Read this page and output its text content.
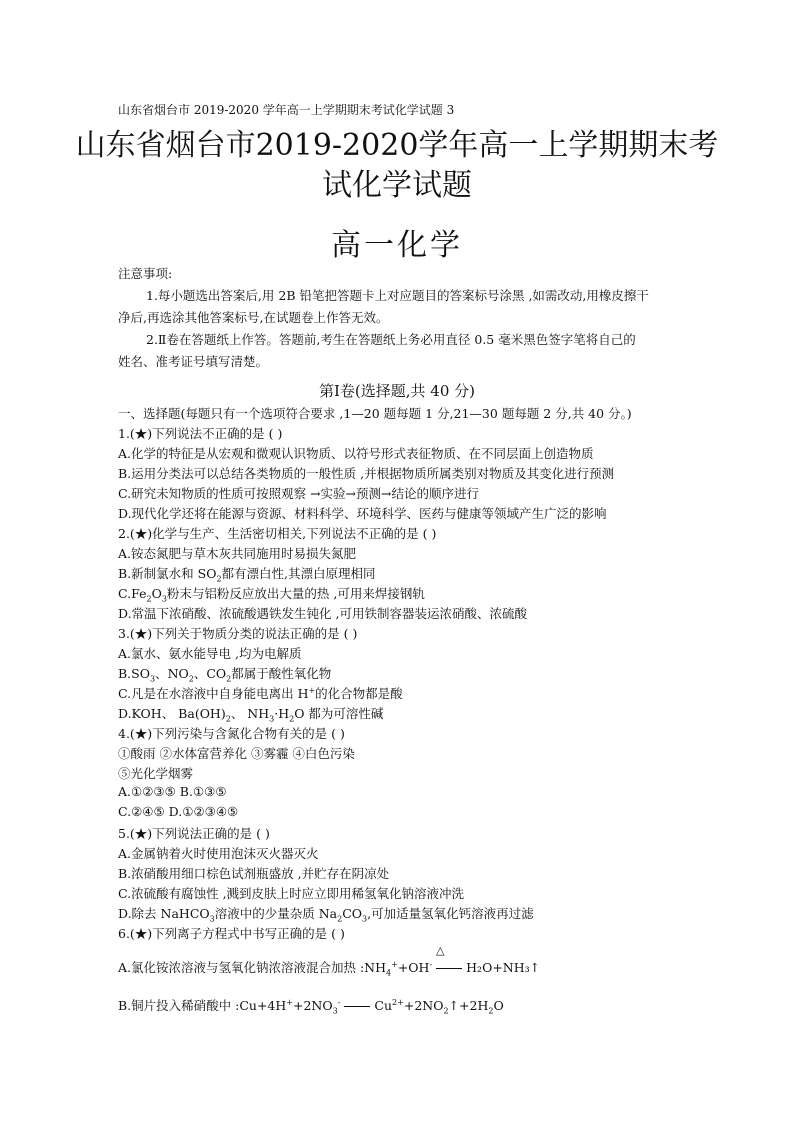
山东省烟台市 2019-2020 学年高一上学期期末考试化学试题 3
山东省烟台市2019-2020学年高一上学期期末考
试化学试题
高一化学
注意事项:
1.每小题选出答案后,用 2B 铅笔把答题卡上对应题目的答案标号涂黑 ,如需改动,用橡皮擦干
净后,再选涂其他答案标号,在试题卷上作答无效。
2.Ⅱ卷在答题纸上作答。答题前,考生在答题纸上务必用直径 0.5 毫米黑色签字笔将自己的
姓名、准考证号填写清楚。
第Ⅰ卷(选择题,共 40 分)
一、选择题(每题只有一个选项符合要求 ,1—20 题每题 1 分,21—30 题每题 2 分,共 40 分。)
1.(★)下列说法不正确的是 ( )
A.化学的特征是从宏观和微观认识物质、以符号形式表征物质、在不同层面上创造物质
B.运用分类法可以总结各类物质的一般性质 ,并根据物质所属类别对物质及其变化进行预测
C.研究未知物质的性质可按照观察 →实验→预测→结论的顺序进行
D.现代化学还将在能源与资源、材料科学、环境科学、医药与健康等领域产生广泛的影响
2.(★)化学与生产、生活密切相关,下列说法不正确的是 ( )
A.铵态氮肥与草木灰共同施用时易损失氮肥
B.新制氯水和 $SO_2$都有漂白性,其漂白原理相同
$C.Fe_2O_3$粉末与铝粉反应放出大量的热 ,可用来焊接钢轨
D.常温下浓硝酸、浓硫酸遇铁发生钝化 ,可用铁制容器装运浓硝酸、浓硫酸
3.(★)下列关于物质分类的说法正确的是 ( )
A.氯水、氨水能导电 ,均为电解质
$B.SO_3$、$NO_2$、$CO_2$都属于酸性氧化物
C.凡是在水溶液中自身能电离出 H+的化合物都是酸
D.KOH、 $Ba(OH)_2$、 $NH_3\cdot H_2O$ 都为可溶性碱
4.(★)下列污染与含氮化合物有关的是 ( )
①酸雨 ②水体富营养化 ③雾霾 ④白色污染
⑤光化学烟雾
A.①②③⑤ B.①③⑤
C.②④⑤ D.①②③④⑤
5.(★)下列说法正确的是 ( )
A.金属钠着火时使用泡沫灭火器灭火
B.浓硝酸用细口棕色试剂瓶盛放 ,并贮存在阴凉处
C.浓硫酸有腐蚀性 ,溅到皮肤上时应立即用稀氢氧化钠溶液冲洗
D.除去 NaHCO$_3$溶液中的少量杂质 $Na_2CO_3$,可加适量氢氧化钙溶液再过滤
6.(★)下列离子方程式中书写正确的是 ( )
△
A.氯化铵浓溶液与氢氧化钠浓溶液混合加热 $:NH_4^++OH^-$	H₂O+NH₃↑
B.铜片投入稀硝酸中 $:Cu+4H^++2NO_3^-$	$Cu^{2+}+2NO_2↑+2H_2O$
